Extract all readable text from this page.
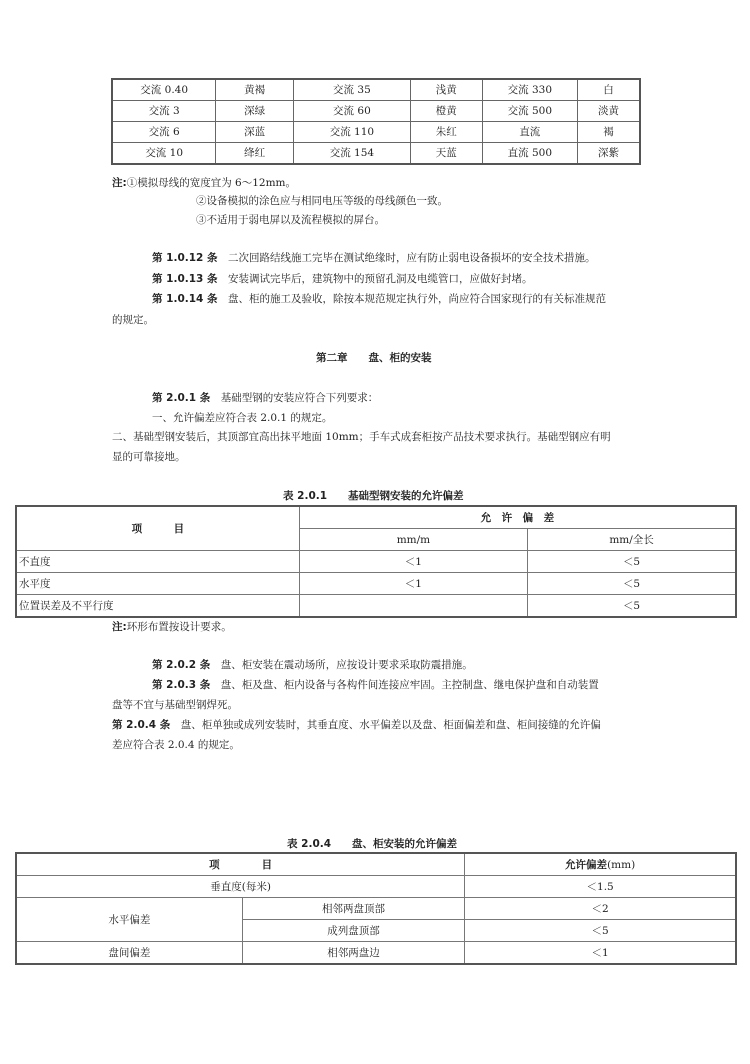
交流 0.40	黄褐	交流 35	浅黄	交流 330	白
交流 3	深绿	交流 60	橙黄	交流 500	淡黄
交流 6	深蓝	交流 110	朱红	直流	褐
交流 10	绛红	交流 154	天蓝	直流 500	深紫
注:①模拟母线的宽度宜为 6～12mm。
②设备模拟的涂色应与相同电压等级的母线颜色一致。
③不适用于弱电屏以及流程模拟的屏台。
第 1.0.12 条　 二次回路结线施工完毕在测试绝缘时，应有防止弱电设备损坏的安全技术措施。
第 1.0.13 条　 安装调试完毕后，建筑物中的预留孔洞及电缆管口，应做好封堵。
第 1.0.14 条　 盘、柜的施工及验收，除按本规范规定执行外，尚应符合国家现行的有关标准规范
的规定。
第二章　　盘、柜的安装
第 2.0.1 条　 基础型钢的安装应符合下列要求：
一、允许偏差应符合表 2.0.1 的规定。
二、基础型钢安装后，其顶部宜高出抹平地面 10mm；手车式成套柜按产品技术要求执行。基础型钢应有明
显的可靠接地。
表 2.0.1　　基础型钢安装的允许偏差
项　　　目	允　许　偏　差	
	mm/m	mm/全长
不直度	＜1	＜5
水平度	＜1	＜5
位置误差及不平行度		＜5
注:环形布置按设计要求。
第 2.0.2 条　 盘、柜安装在震动场所，应按设计要求采取防震措施。
第 2.0.3 条　 盘、柜及盘、柜内设备与各构件间连接应牢固。主控制盘、继电保护盘和自动装置
盘等不宜与基础型钢焊死。
第 2.0.4 条　 盘、柜单独或成列安装时，其垂直度、水平偏差以及盘、柜面偏差和盘、柜间接缝的允许偏
差应符合表 2.0.4 的规定。
表 2.0.4　　盘、柜安装的允许偏差
项　　　　目		允许偏差(mm)
垂直度(每米)		＜1.5
水平偏差	相邻两盘顶部	＜2
	成列盘顶部	＜5
盘间偏差	相邻两盘边	＜1
